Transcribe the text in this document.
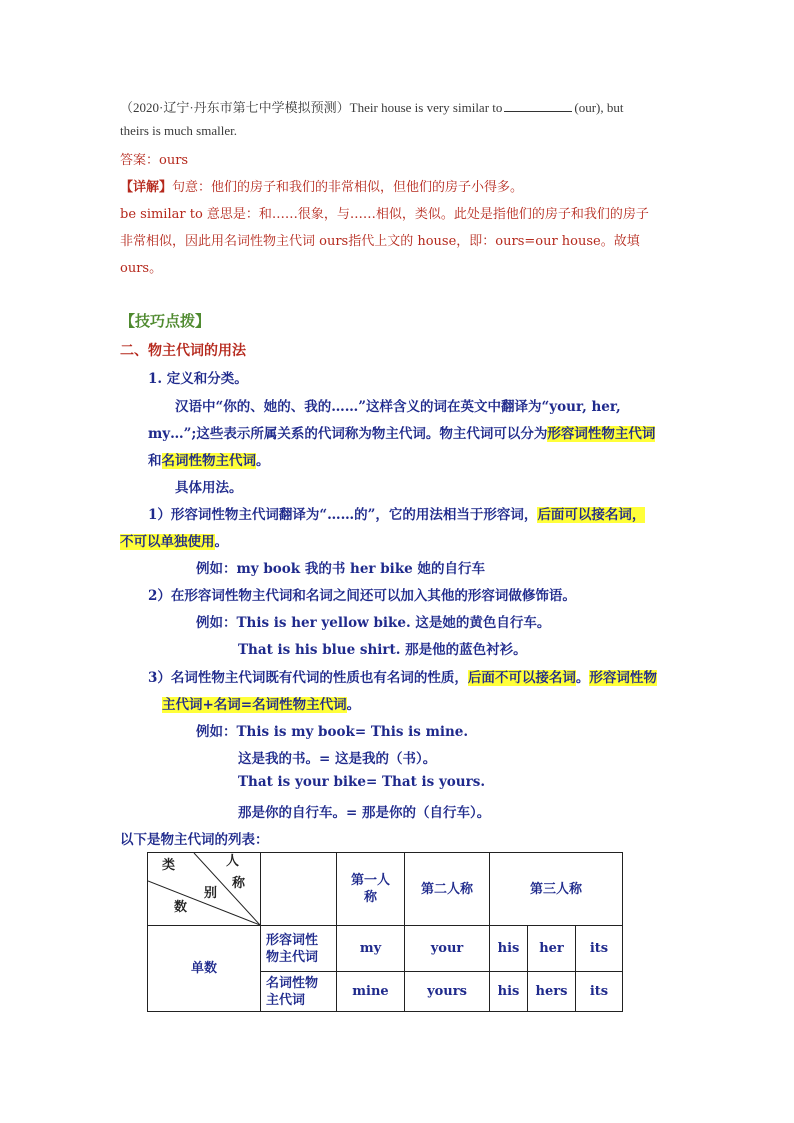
（2020·辽宁·丹东市第七中学模拟预测）Their house is very similar to	(our), but
theirs is much smaller.
答案：ours
【详解】句意：他们的房子和我们的非常相似，但他们的房子小得多。
be similar to 意思是：和……很象，与……相似，类似。此处是指他们的房子和我们的房子
非常相似，因此用名词性物主代词 ours指代上文的 house，即：ours=our house。故填
ours。
【技巧点拨】
二、物主代词的用法
1. 定义和分类。
汉语中“你的、她的、我的……”这样含义的词在英文中翻译为“your, her,
my…”;这些表示所属关系的代词称为物主代词。物主代词可以分为形容词性物主代词
和名词性物主代词。
具体用法。
1）形容词性物主代词翻译为“……的”，它的用法相当于形容词，后面可以接名词，
不可以单独使用。
例如：my book 我的书 her bike 她的自行车
2）在形容词性物主代词和名词之间还可以加入其他的形容词做修饰语。
例如：This is her yellow bike. 这是她的黄色自行车。
That is his blue shirt. 那是他的蓝色衬衫。
3）名词性物主代词既有代词的性质也有名词的性质，后面不可以接名词。形容词性物
主代词+名词=名词性物主代词。
例如：This is my book= This is mine.
这是我的书。= 这是我的（书）。
That is your bike= That is yours.
那是你的自行车。= 那是你的（自行车）。
以下是物主代词的列表：
类 人
称
别
数		第一人称	第二人称	第三人称		
单数	形容词性物主代词	my	your	his	her	its

	名词性物主代词	mine	yours	his	hers	its
